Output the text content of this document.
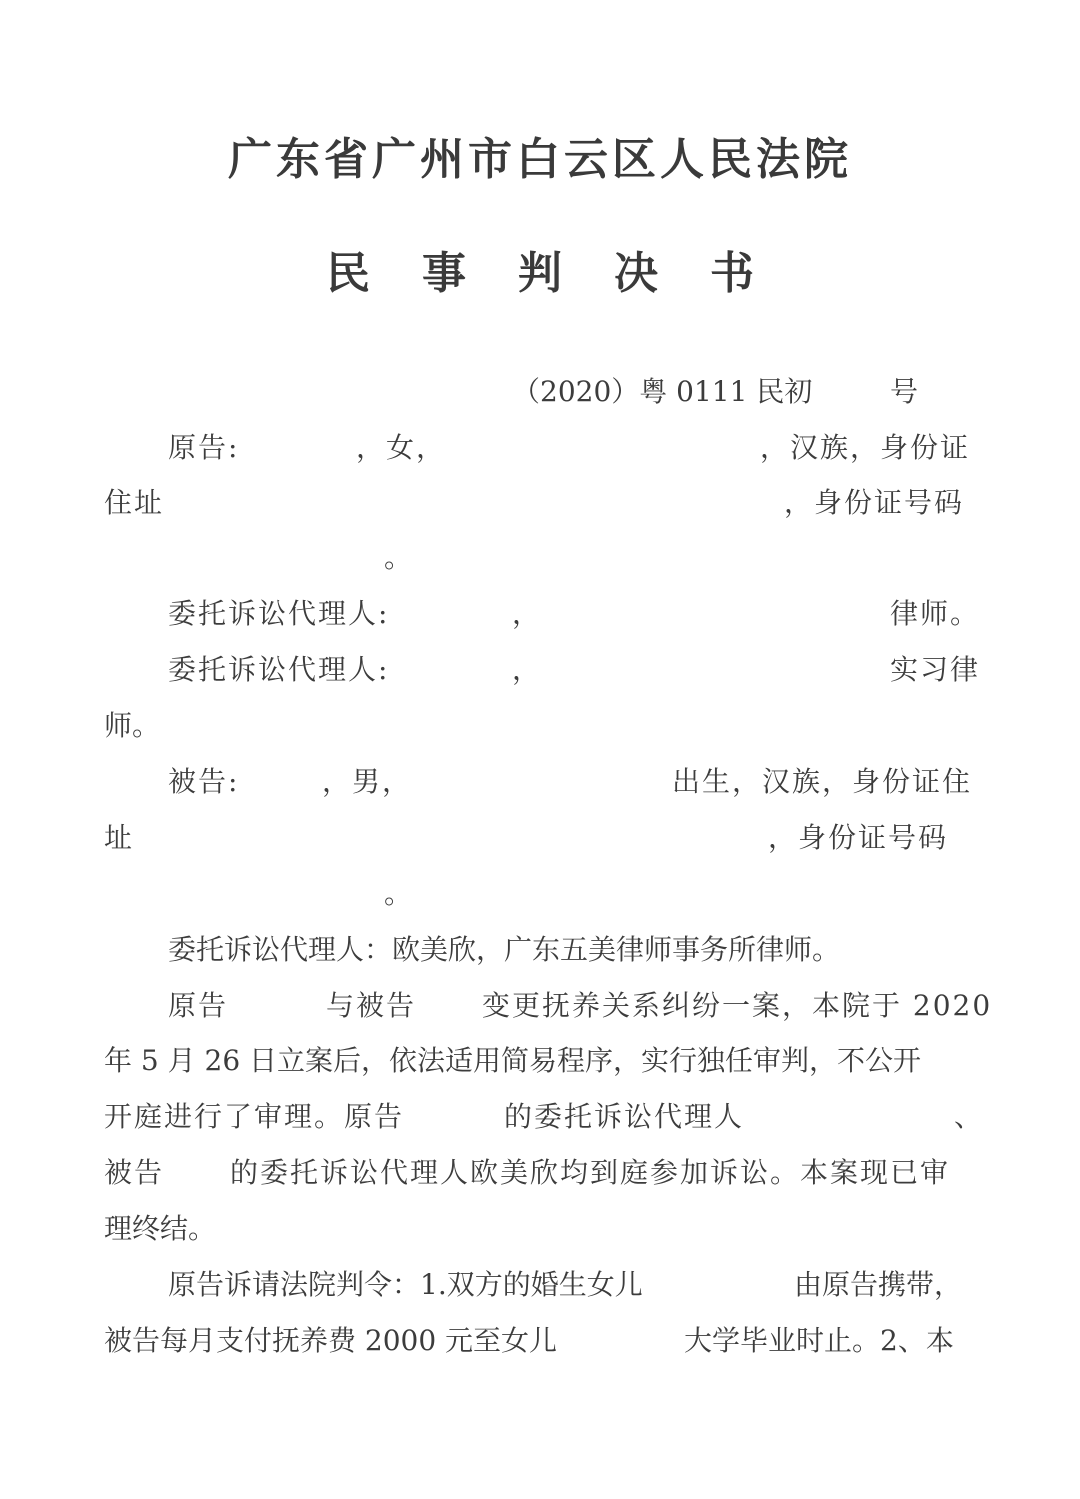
广东省广州市白云区人民法院
民事判决书
（2020）粤 0111 民初	号
原告:	，女，	，汉族，身份证
住址	，身份证号码
。
委托诉讼代理人:	，	律师。
委托诉讼代理人:	，	实习律
师。
被告:	，男，	出生，汉族，身份证住
址	，身份证号码
。
委托诉讼代理人：欧美欣，广东五美律师事务所律师。
原告	与被告 变更抚养关系纠纷一案，本院于 2020
年 5 月 26 日立案后，依法适用简易程序，实行独任审判，不公开
开庭进行了审理。原告	的委托诉讼代理人	、
被告 的委托诉讼代理人欧美欣均到庭参加诉讼。本案现已审
理终结。
原告诉请法院判令：1.双方的婚生女儿	由原告携带，
被告每月支付抚养费 2000 元至女儿	大学毕业时止。2、本
